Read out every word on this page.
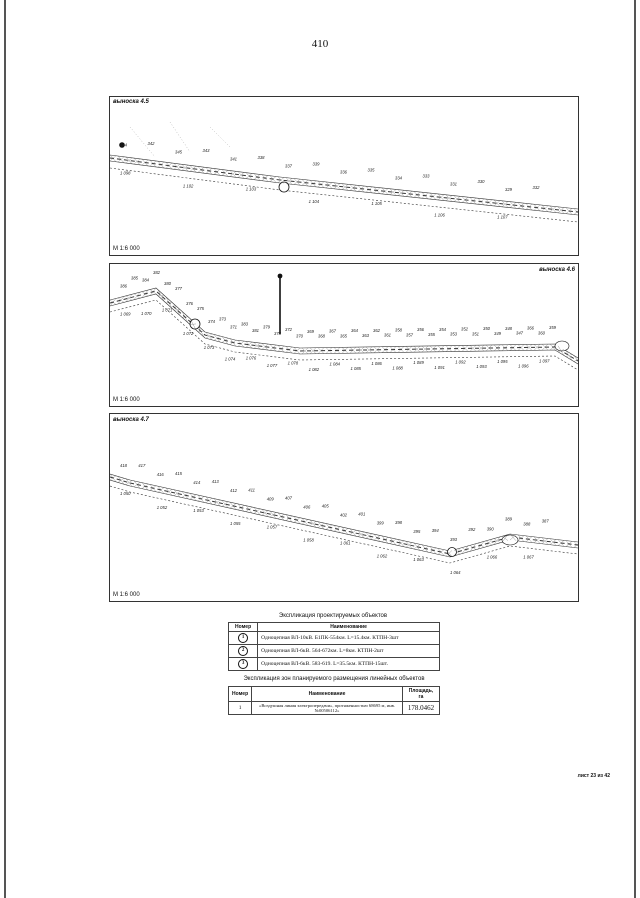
410
344	342
345	343
341	338
337	339
336	335
334	333
331	330
329	332
1 098
1 102
1 103
1 104	1 105
1 106	1 107
выноска 4.5
М 1:6 000
386
385 384
382
380
377
376
375
374 373
371
383
381
379
378
372
370
369
368
367
365
364
363
362
361
358
357
356
355
354
353
352
351
350
349
348
347
366
360
359
1 069	1 070
1 071
1 072
1 073
1 074 1 076
1 077 1 078
1 082
1 084
1 085
1 086
1 088
1 089
1 091
1 092
1 093
1 095
1 096
1 097
выноска 4.6
М 1:6 000
418	417
416	415
414	413
412	411
409	407
406	405
402	401
399	398
395	394
393
392	390
389
388
387
1 050
1 052
1 053
1 055
1 057
1 058
1 061
1 062
1 063
1 064
1 066	1 067
выноска 4.7
М 1:6 000
Экспликация проектируемых объектов
Номер	Наименование
1	Одноцепная ВЛ-10кВ. Б1ПК-554км. L=15.4км. КТПН-3шт
2	Одноцепная ВЛ-6кВ. 564-672км. L=8км. КТПН-2шт
3	Одноцепная ВЛ-6кВ. 583-619. L=35.5км. КТПН-15шт.
Экспликация зон планируемого размещения линейных объектов
Номер	Наименование	Площадь, га
1	«Воздушная линия электропередачи», протяженностью 68695 м, инв.№00506112»	178.0462
лист 23 из 42
